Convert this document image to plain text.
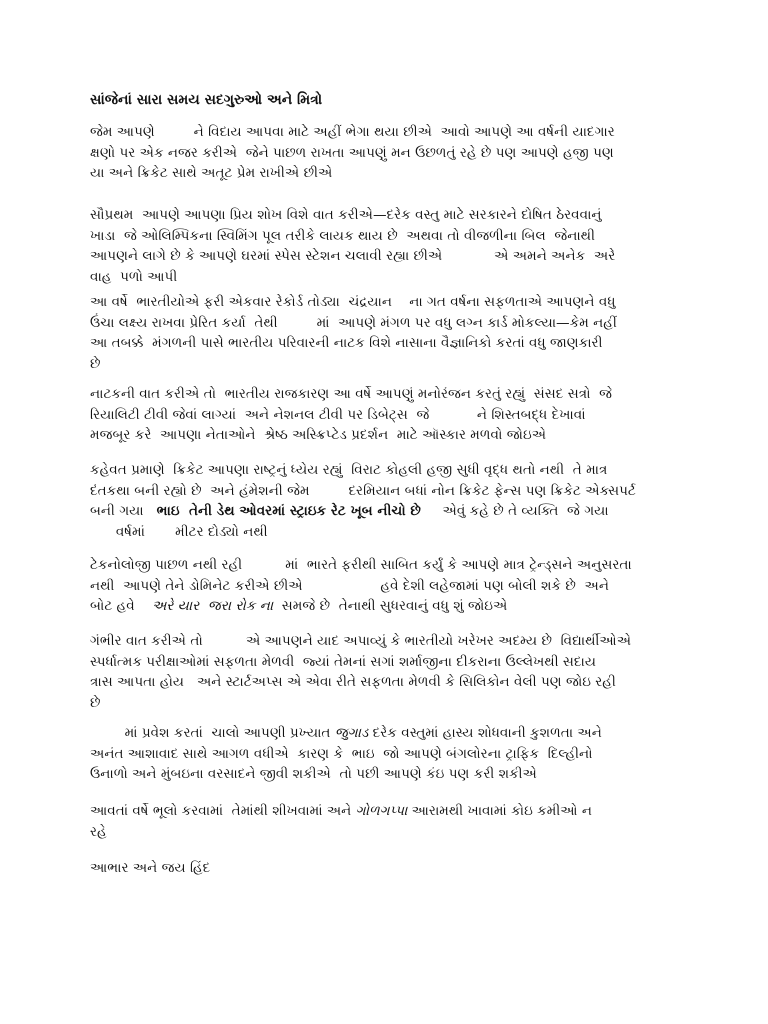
સાંજેનાં સારા સમય સદગુરુઓ અને મિત્રો
જેમ આપણે         ને વિદાય આપવા માટે અહીં ભેગા થયા છીએ  આવો આપણે આ વર્ષની યાદગાર
ક્ષણો પર એક નજર કરીએ  જેને પાછળ રાખતા આપણું મન ઉછળતું રહે છે પણ આપણે હજી પણ
યા અને ક્રિકેટ સાથે અતૂટ પ્રેમ રાખીએ છીએ
સૌપ્રથમ  આપણે આપણા પ્રિય શોખ વિશે વાત કરીએ—દરેક વસ્તુ માટે સરકારને દોષિત ઠેરવવાનું
ખાડા  જે ઓલિમ્પિકના સ્વિમિંગ પૂલ તરીકે લાયક થાય છે  અથવા તો વીજળીના બિલ  જેનાથી
આપણને લાગે છે કે આપણે ઘરમાં સ્પેસ સ્ટેશન ચલાવી રહ્યા છીએ            એ અમને અનેક  અરે
વાહ  પળો આપી
આ વર્ષે  ભારતીયોએ ફરી એકવાર રેકોર્ડ તોડ્યા  ચંદ્રયાન    ના ગત વર્ષના સફળતાએ આપણને વધુ
ઉંચા લક્ષ્ય રાખવા પ્રેરિત કર્યા  તેથી         માં  આપણે મંગળ પર વધુ લગ્ન કાર્ડ મોકલ્યા—કેમ નહીં
આ તબક્કે  મંગળની પાસે ભારતીય પરિવારની નાટક વિશે નાસાના વૈજ્ઞાનિકો કરતાં વધુ જાણકારી
છે
નાટકની વાત કરીએ તો  ભારતીય રાજકારણ આ વર્ષે આપણું મનોરંજન કરતું રહ્યું  સંસદ સત્રો  જે
રિયાલિટી ટીવી જેવાં લાગ્યાં  અને નેશનલ ટીવી પર ડિબેટ્સ  જે           ને શિસ્તબદ્ધ દેખાવાં
મજબૂર કરે  આપણા નેતાઓને  શ્રેષ્ઠ અસ્ક્રિપ્ટેડ પ્રદર્શન  માટે ઑસ્કાર મળવો જોઇએ
કહેવત પ્રમાણે  ક્રિકેટ આપણા રાષ્ટ્રનું ધ્યેય રહ્યું  વિરાટ કોહલી હજી સુધી વૃદ્ધ થતો નથી  તે માત્ર
દંતકથા બની રહ્યો છે  અને હંમેશની જેમ         દરમિયાન બધાં નોન ક્રિકેટ ફેન્સ પણ ક્રિકેટ એક્સપર્ટ
બની ગયા   ભાઇ  તેની ડેથ ઓવરમાં સ્ટ્રાઇક રેટ ખૂબ નીચો છે     એવું કહે છે તે વ્યક્તિ  જે ગયા
વર્ષમાં       મીટર દોડ્યો નથી
ટેકનોલોજી પાછળ નથી રહી          માં  ભારતે ફરીથી સાબિત કર્યું કે આપણે માત્ર ટ્રેન્ડ્સને અનુસરતા
નથી  આપણે તેને ડોમિનેટ કરીએ છીએ                  હવે દેશી લહેજામાં પણ બોલી શકે છે  અને
બોટ હવે    અરે યાર  જરા રોક ના  સમજે છે  તેનાથી સુધરવાનું વધુ શું જોઇએ
ગંભીર વાત કરીએ તો          એ આપણને યાદ અપાવ્યું કે ભારતીયો ખરેખર અદમ્ય છે  વિદ્યાર્થીઓએ
સ્પર્ધાત્મક પરીક્ષાઓમાં સફળતા મેળવી  જ્યાં તેમનાં સગાં શર્માજીના દીકરાના ઉલ્લેખથી સદાય
ત્રાસ આપતા હોય   અને સ્ટાર્ટઅપ્સ એ એવા રીતે સફળતા મેળવી કે સિલિકોન વેલી પણ જોઇ રહી
છે
માં પ્રવેશ કરતાં  ચાલો આપણી પ્રખ્યાત જુગાડ દરેક વસ્તુમાં હાસ્ય શોધવાની કુશળતા અને
અનંત આશાવાદ સાથે આગળ વધીએ  કારણ કે  ભાઇ  જો આપણે બંગલોરના ટ્રાફિક  દિલ્હીનો
ઉનાળો અને મુંબઇના વરસાદને જીવી શકીએ  તો પછી આપણે કંઇ પણ કરી શકીએ
આવતાં વર્ષે ભૂલો કરવામાં  તેમાંથી શીખવામાં અને ગોળગપ્પા આરામથી ખાવામાં કોઇ કમીઓ ન
રહે
આભાર અને જય હિંદ
